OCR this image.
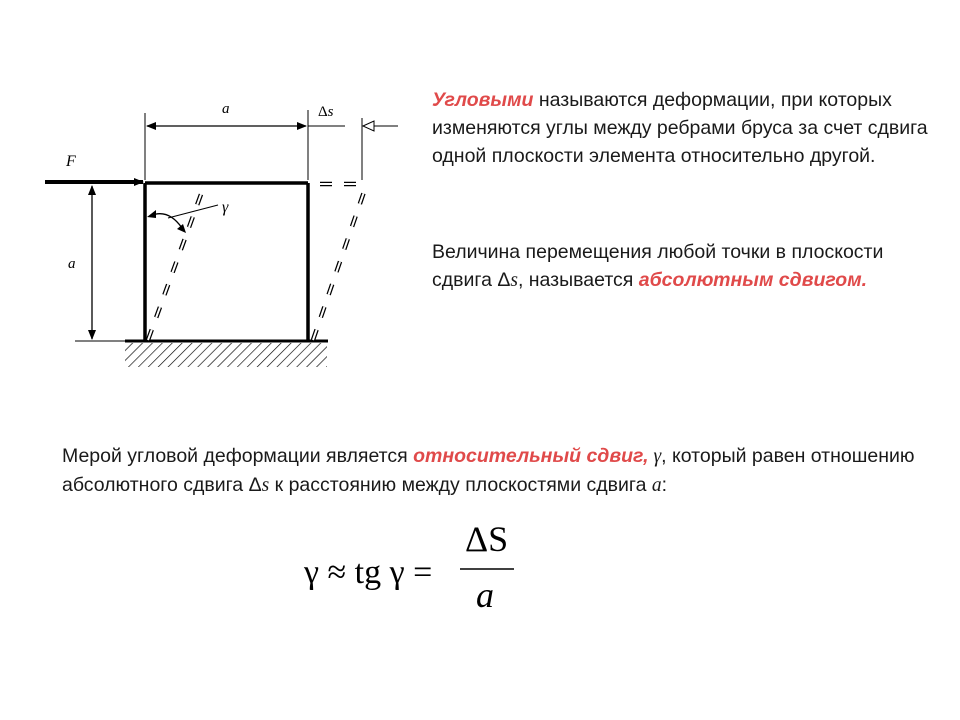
F
a	Δs
a
γ

Угловыми называются деформации, при которых изменяются углы между ребрами бруса за счет сдвига одной плоскости элемента относительно другой.

Величина перемещения любой точки в плоскости сдвига Δs, называется абсолютным сдвигом.

Мерой угловой деформации является относительный сдвиг, γ, который равен отношению абсолютного сдвига Δs к расстоянию между плоскостями сдвига a:

γ ≈ tg γ =
ΔS
a
